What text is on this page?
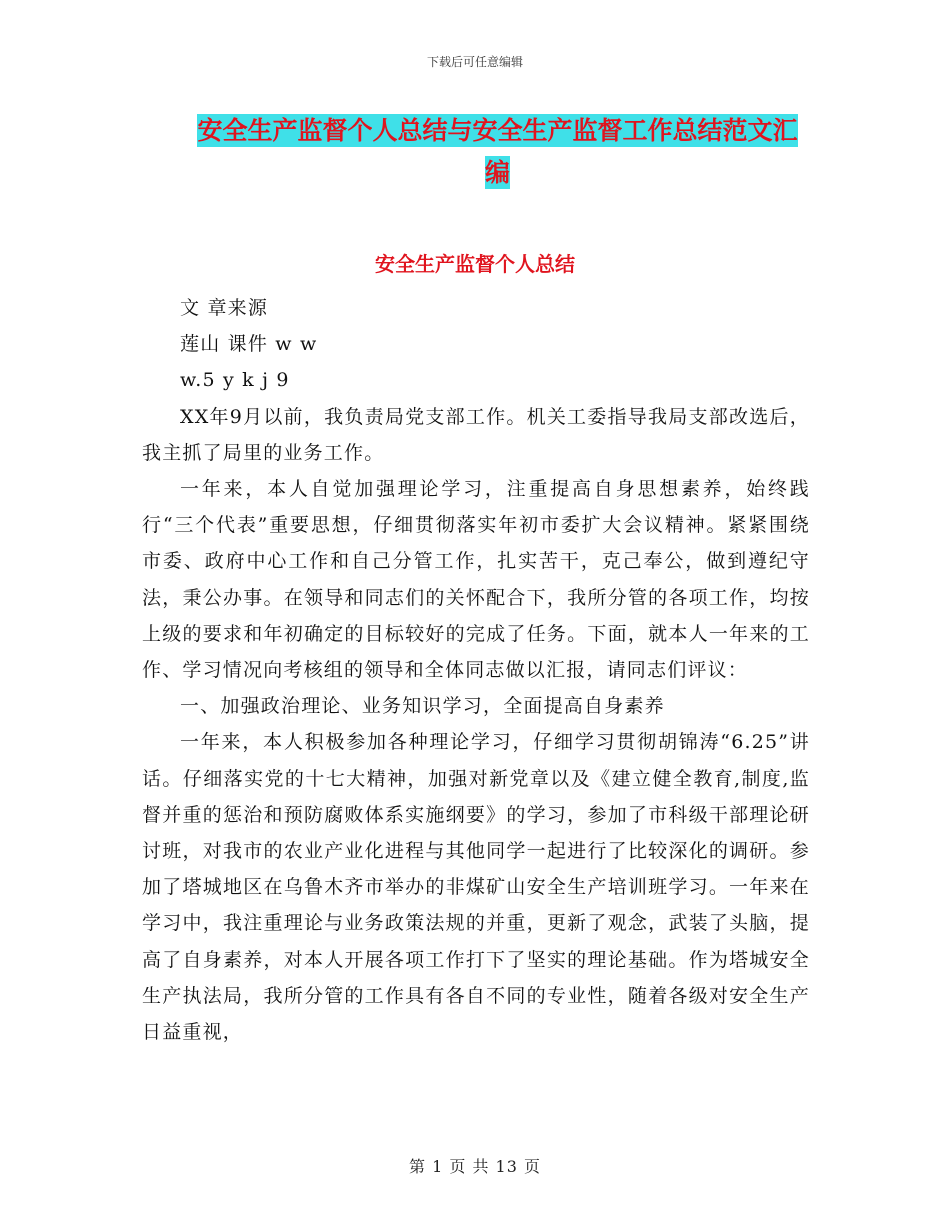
下载后可任意编辑
安全生产监督个人总结与安全生产监督工作总结范文汇编
安全生产监督个人总结

文 章来源

莲山 课件 w w

w.5 y k j 9

XX年9月以前，我负责局党支部工作。机关工委指导我局支部改选后，我主抓了局里的业务工作。

一年来，本人自觉加强理论学习，注重提高自身思想素养，始终践行“三个代表”重要思想，仔细贯彻落实年初市委扩大会议精神。紧紧围绕市委、政府中心工作和自己分管工作，扎实苦干，克己奉公，做到遵纪守法，秉公办事。在领导和同志们的关怀配合下，我所分管的各项工作，均按上级的要求和年初确定的目标较好的完成了任务。下面，就本人一年来的工作、学习情况向考核组的领导和全体同志做以汇报，请同志们评议：

一、加强政治理论、业务知识学习，全面提高自身素养

一年来，本人积极参加各种理论学习，仔细学习贯彻胡锦涛“6.25”讲话。仔细落实党的十七大精神，加强对新党章以及《建立健全教育,制度,监督并重的惩治和预防腐败体系实施纲要》的学习，参加了市科级干部理论研讨班，对我市的农业产业化进程与其他同学一起进行了比较深化的调研。参加了塔城地区在乌鲁木齐市举办的非煤矿山安全生产培训班学习。一年来在学习中，我注重理论与业务政策法规的并重，更新了观念，武装了头脑，提高了自身素养，对本人开展各项工作打下了坚实的理论基础。作为塔城安全生产执法局，我所分管的工作具有各自不同的专业性，随着各级对安全生产日益重视，

第 1 页 共 13 页
